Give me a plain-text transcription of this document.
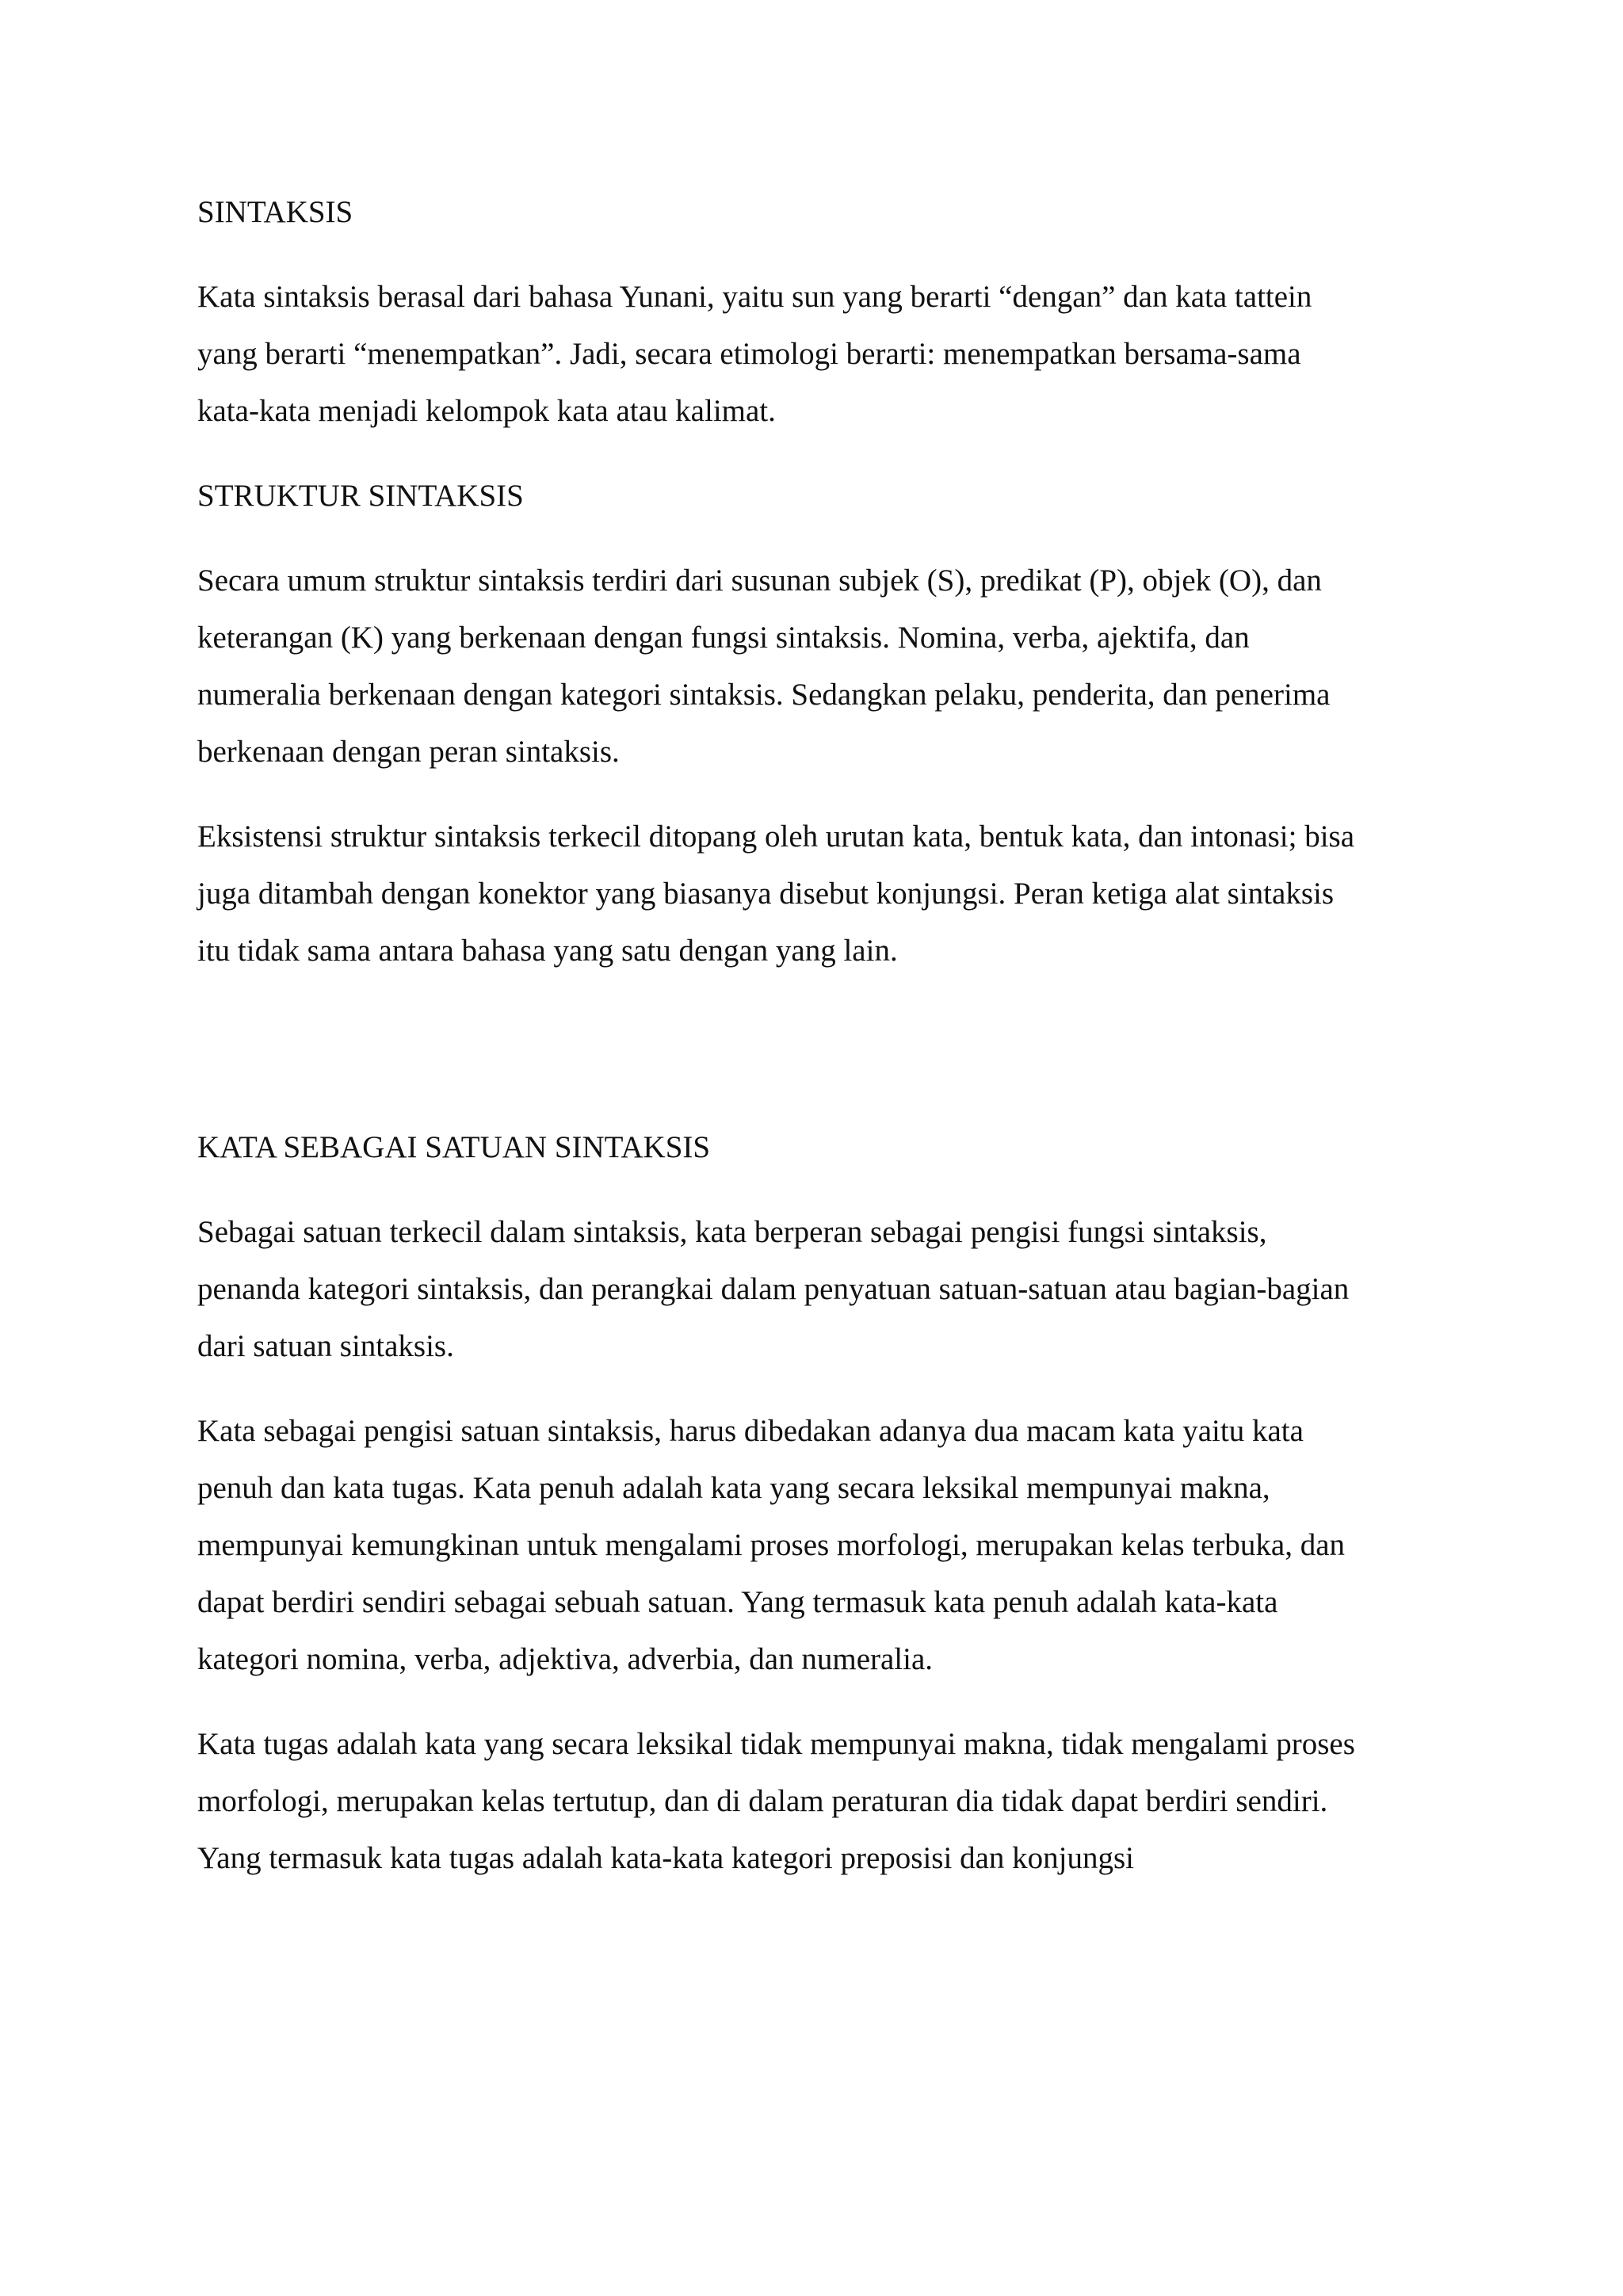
SINTAKSIS
Kata sintaksis berasal dari bahasa Yunani, yaitu sun yang berarti “dengan” dan kata tattein
yang berarti “menempatkan”. Jadi, secara etimologi berarti: menempatkan bersama-sama
kata-kata menjadi kelompok kata atau kalimat.
STRUKTUR SINTAKSIS
Secara umum struktur sintaksis terdiri dari susunan subjek (S), predikat (P), objek (O), dan
keterangan (K) yang berkenaan dengan fungsi sintaksis. Nomina, verba, ajektifa, dan
numeralia berkenaan dengan kategori sintaksis. Sedangkan pelaku, penderita, dan penerima
berkenaan dengan peran sintaksis.
Eksistensi struktur sintaksis terkecil ditopang oleh urutan kata, bentuk kata, dan intonasi; bisa
juga ditambah dengan konektor yang biasanya disebut konjungsi. Peran ketiga alat sintaksis
itu tidak sama antara bahasa yang satu dengan yang lain.
KATA SEBAGAI SATUAN SINTAKSIS
Sebagai satuan terkecil dalam sintaksis, kata berperan sebagai pengisi fungsi sintaksis,
penanda kategori sintaksis, dan perangkai dalam penyatuan satuan-satuan atau bagian-bagian
dari satuan sintaksis.
Kata sebagai pengisi satuan sintaksis, harus dibedakan adanya dua macam kata yaitu kata
penuh dan kata tugas. Kata penuh adalah kata yang secara leksikal mempunyai makna,
mempunyai kemungkinan untuk mengalami proses morfologi, merupakan kelas terbuka, dan
dapat berdiri sendiri sebagai sebuah satuan. Yang termasuk kata penuh adalah kata-kata
kategori nomina, verba, adjektiva, adverbia, dan numeralia.
Kata tugas adalah kata yang secara leksikal tidak mempunyai makna, tidak mengalami proses
morfologi, merupakan kelas tertutup, dan di dalam peraturan dia tidak dapat berdiri sendiri.
Yang termasuk kata tugas adalah kata-kata kategori preposisi dan konjungsi
